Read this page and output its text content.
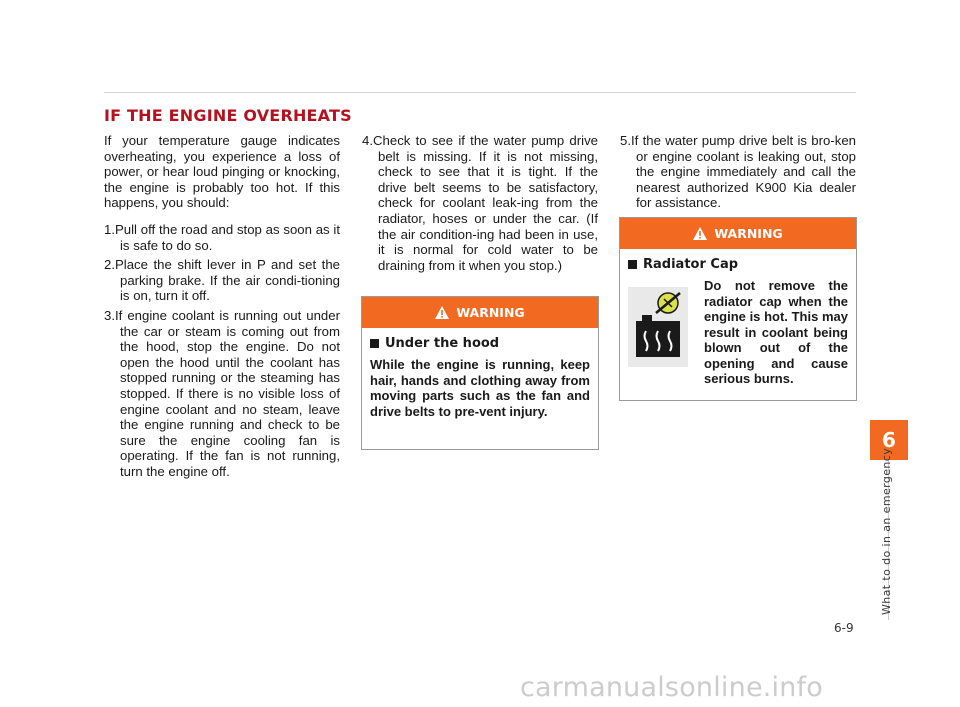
IF THE ENGINE OVERHEATS

If your temperature gauge indicates overheating, you experience a loss of power, or hear loud pinging or knocking, the engine is probably too hot. If this happens, you should:

1.Pull off the road and stop as soon as it is safe to do so.

2.Place the shift lever in P and set the parking brake. If the air condi-tioning is on, turn it off.

3.If engine coolant is running out under the car or steam is coming out from the hood, stop the engine. Do not open the hood until the coolant has stopped running or the steaming has stopped. If there is no visible loss of engine coolant and no steam, leave the engine running and check to be sure the engine cooling fan is operating. If the fan is not running, turn the engine off.

4.Check to see if the water pump drive belt is missing. If it is not missing, check to see that it is tight. If the drive belt seems to be satisfactory, check for coolant leak-ing from the radiator, hoses or under the car. (If the air condition-ing had been in use, it is normal for cold water to be draining from it when you stop.)

5.If the water pump drive belt is bro-ken or engine coolant is leaking out, stop the engine immediately and call the nearest authorized K900 Kia dealer for assistance.

WARNING
Under the hood
While the engine is running, keep hair, hands and clothing away from moving parts such as the fan and drive belts to pre-vent injury.
WARNING
Radiator Cap
Do not remove the radiator cap when the engine is hot. This may result in coolant being blown out of the opening and cause serious burns.
6
What to do in an emergency
6-9
carmanualsonline.info
